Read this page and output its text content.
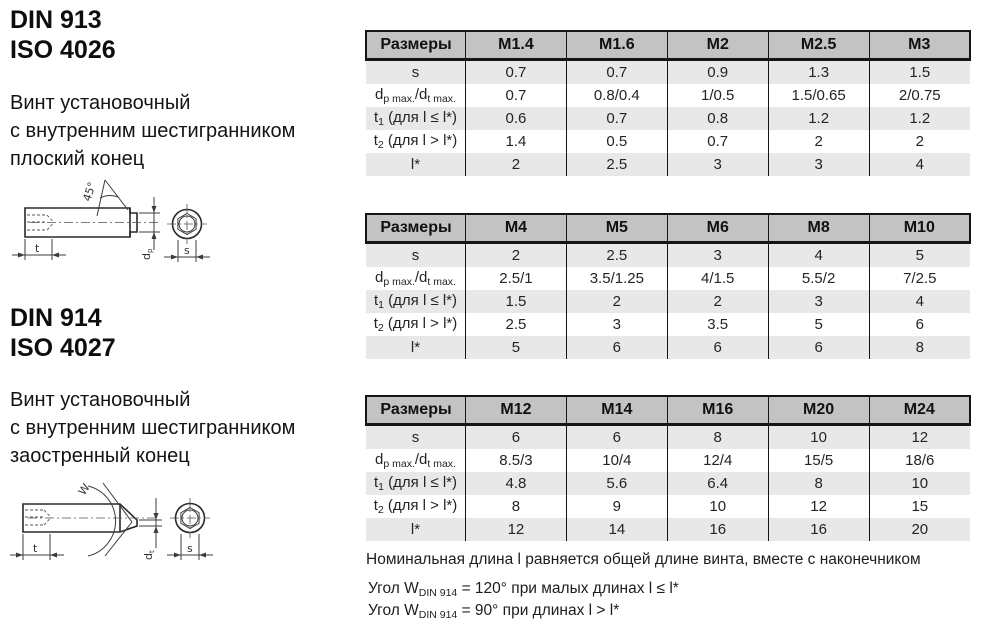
DIN 913
ISO 4026
Винт установочный
с внутренним шестигранником
плоский конец
45°
dp
t	s
DIN 914
ISO 4027
Винт установочный
с внутренним шестигранником
заостренный конец
W
dt
t	s
Размеры	M1.4	M1.6	M2	M2.5	M3
s	0.7	0.7	0.9	1.3	1.5
$d_{p max.}/d_{t max.}$	0.7	0.8/0.4	1/0.5	1.5/0.65	2/0.75
$t_1$ (для l ≤ l*)	0.6	0.7	0.8	1.2	1.2
$t_2$ (для l > l*)	1.4	0.5	0.7	2	2
l*	2	2.5	3	3	4
Размеры	M4	M5	M6	M8	M10
s	2	2.5	3	4	5
$d_{p max.}/d_{t max.}$	2.5/1	3.5/1.25	4/1.5	5.5/2	7/2.5
$t_1$ (для l ≤ l*)	1.5	2	2	3	4
$t_2$ (для l > l*)	2.5	3	3.5	5	6
l*	5	6	6	6	8
Размеры	M12	M14	M16	M20	M24
s	6	6	8	10	12
$d_{p max.}/d_{t max.}$	8.5/3	10/4	12/4	15/5	18/6
$t_1$ (для l ≤ l*)	4.8	5.6	6.4	8	10
$t_2$ (для l > l*)	8	9	10	12	15
l*	12	14	16	16	20
Номинальная длина l равняется общей длине винта, вместе с наконечником
Угол $W_{DIN 914} = 120^\circ$ при малых длинах l ≤ l*
Угол $W_{DIN 914} = 90^\circ$ при длинах l > l*
